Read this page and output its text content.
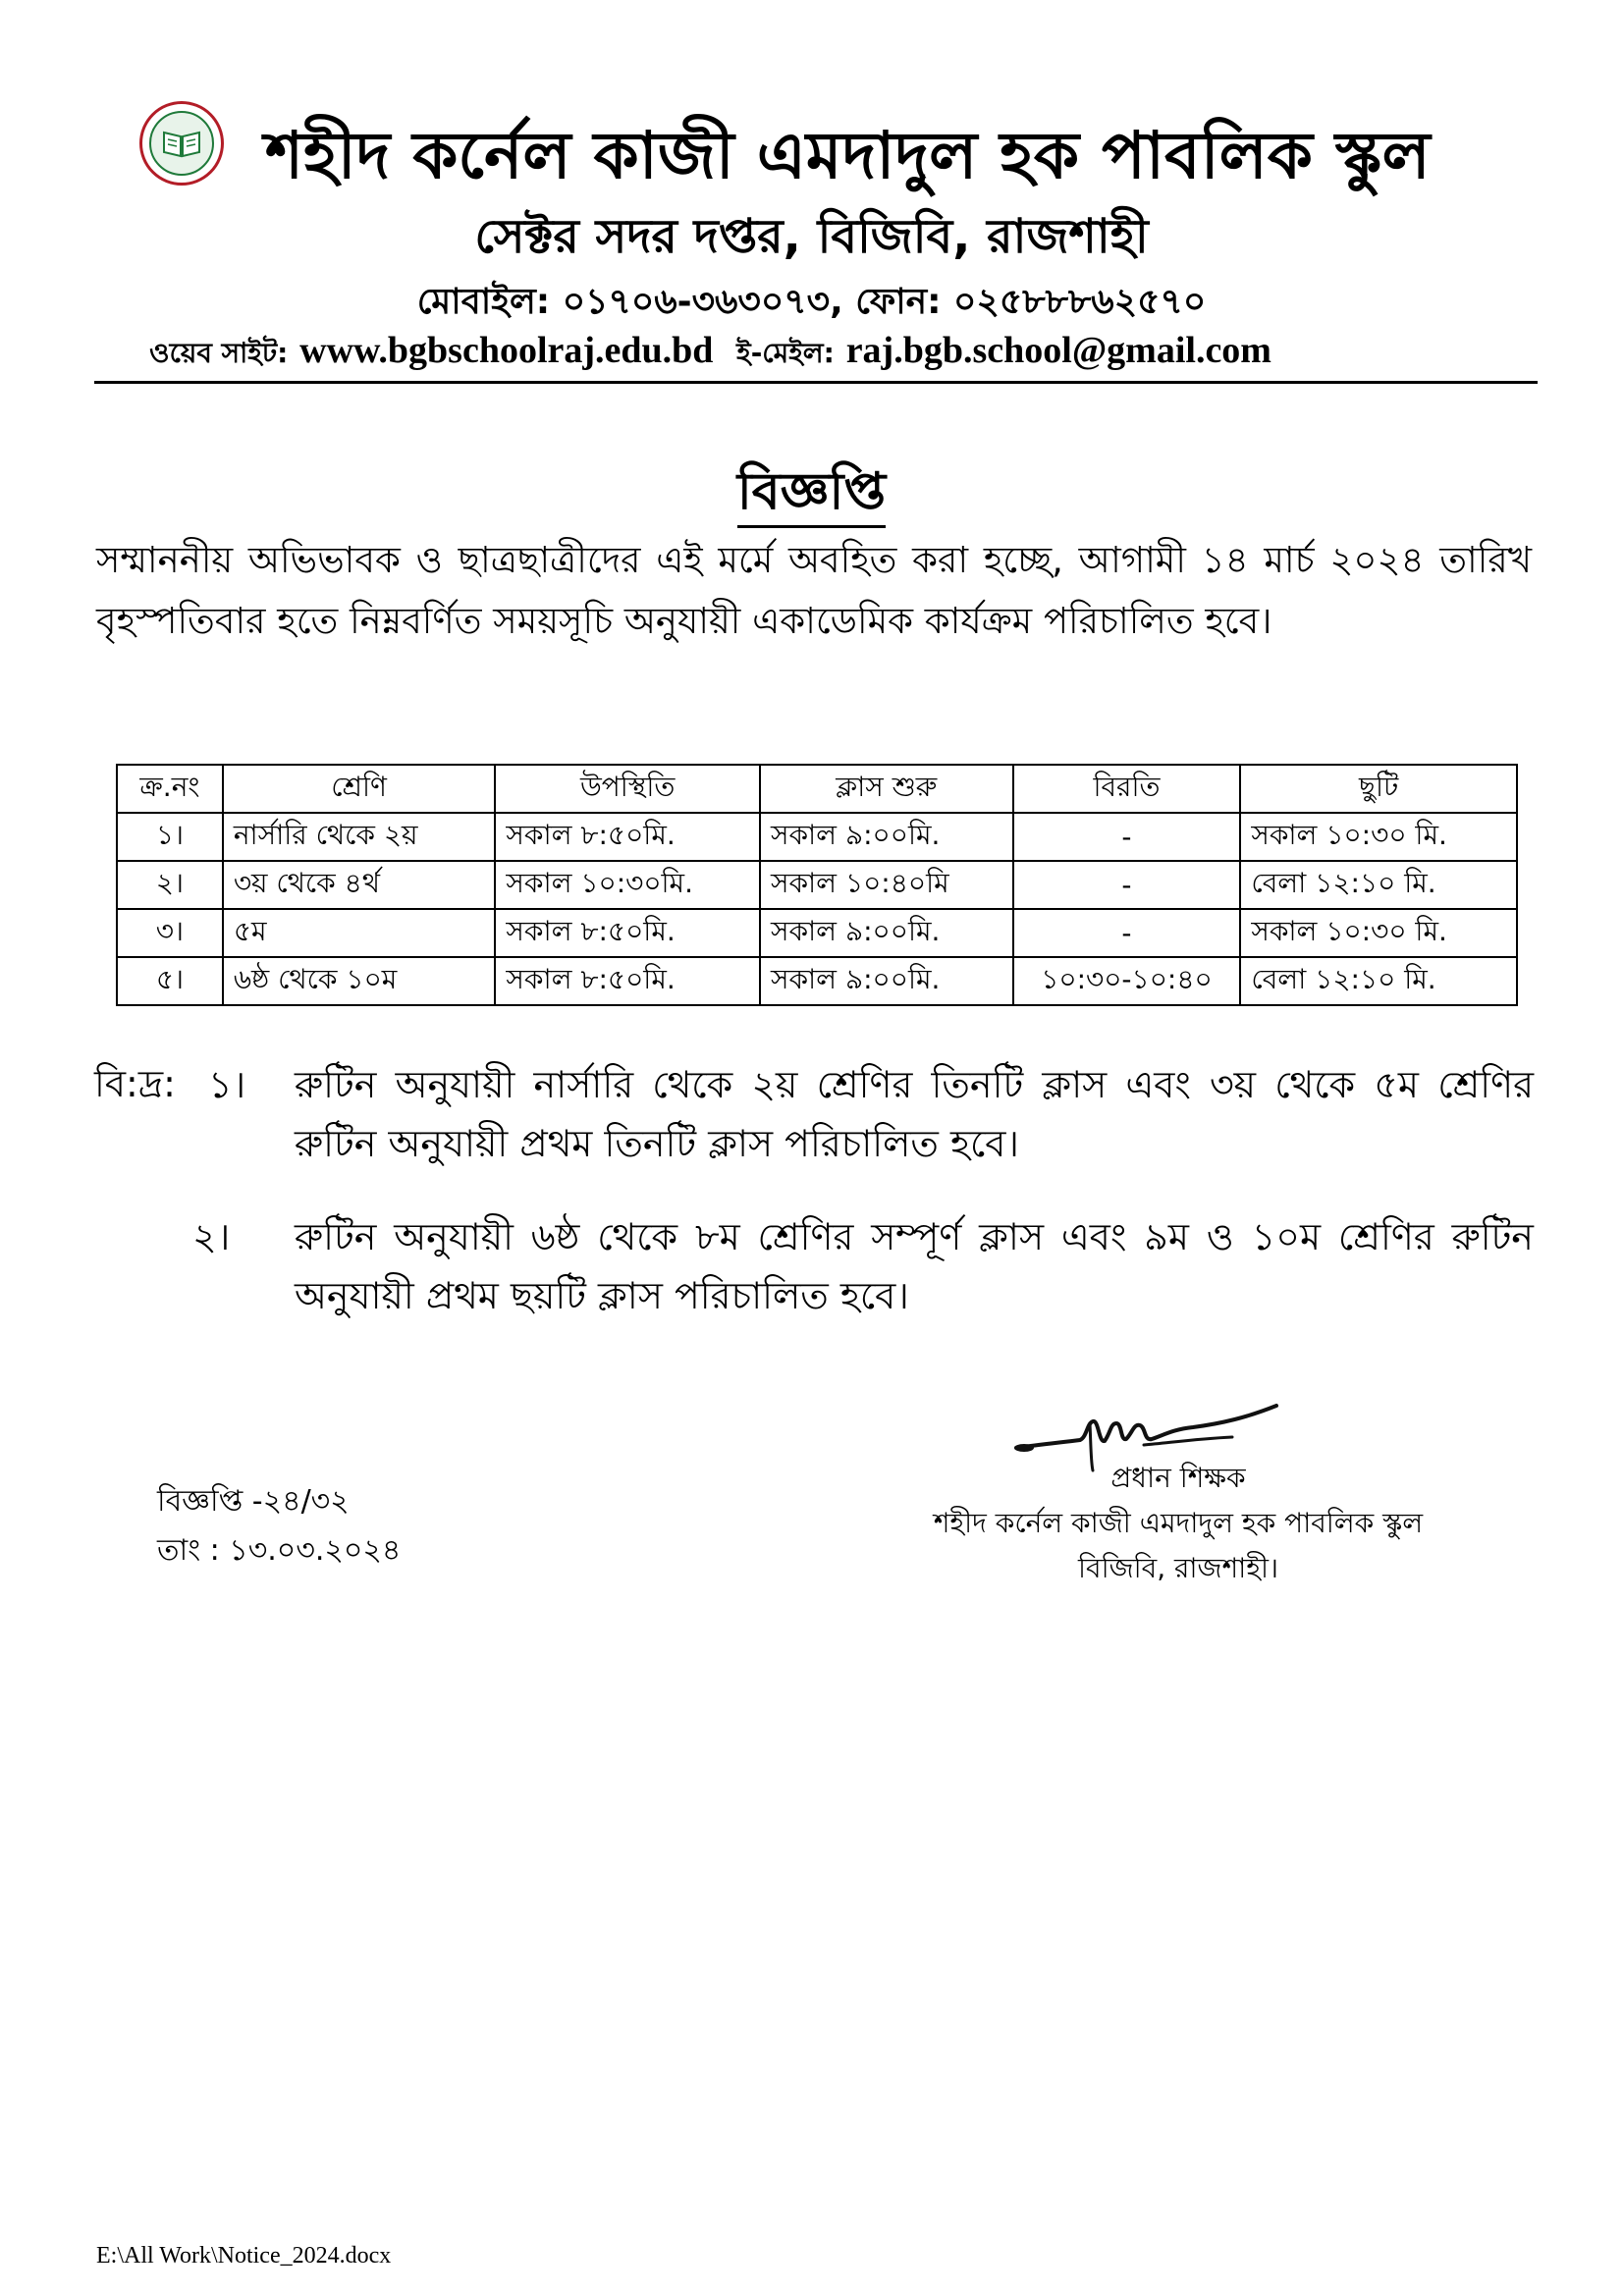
শহীদ কর্নেল কাজী এমদাদুল হক পাবলিক স্কুল
সেক্টর সদর দপ্তর, বিজিবি, রাজশাহী
মোবাইল: ০১৭০৬-৩৬৩০৭৩, ফোন: ০২৫৮৮৮৬২৫৭০
ওয়েব সাইট: www.bgbschoolraj.edu.bd ই-মেইল: raj.bgb.school@gmail.com
বিজ্ঞপ্তি
সম্মাননীয় অভিভাবক ও ছাত্রছাত্রীদের এই মর্মে অবহিত করা হচ্ছে, আগামী ১৪ মার্চ ২০২৪ তারিখ বৃহস্পতিবার হতে নিম্নবর্ণিত সময়সূচি অনুযায়ী একাডেমিক কার্যক্রম পরিচালিত হবে।
ক্র.নং	শ্রেণি	উপস্থিতি	ক্লাস শুরু	বিরতি	ছুটি
১।	নার্সারি থেকে ২য়	সকাল ৮:৫০মি.	সকাল ৯:০০মি.	-	সকাল ১০:৩০ মি.
২।	৩য় থেকে ৪র্থ	সকাল ১০:৩০মি.	সকাল ১০:৪০মি	-	বেলা ১২:১০ মি.
৩।	৫ম	সকাল ৮:৫০মি.	সকাল ৯:০০মি.	-	সকাল ১০:৩০ মি.
৫।	৬ষ্ঠ থেকে ১০ম	সকাল ৮:৫০মি.	সকাল ৯:০০মি.	১০:৩০-১০:৪০	বেলা ১২:১০ মি.
বি:দ্র: ১। রুটিন অনুযায়ী নার্সারি থেকে ২য় শ্রেণির তিনটি ক্লাস এবং ৩য় থেকে ৫ম শ্রেণির রুটিন অনুযায়ী প্রথম তিনটি ক্লাস পরিচালিত হবে।
২। রুটিন অনুযায়ী ৬ষ্ঠ থেকে ৮ম শ্রেণির সম্পূর্ণ ক্লাস এবং ৯ম ও ১০ম শ্রেণির রুটিন অনুযায়ী প্রথম ছয়টি ক্লাস পরিচালিত হবে।
বিজ্ঞপ্তি -২৪/৩২
তাং : ১৩.০৩.২০২৪
প্রধান শিক্ষক
শহীদ কর্নেল কাজী এমদাদুল হক পাবলিক স্কুল
বিজিবি, রাজশাহী।
E:\All Work\Notice_2024.docx
